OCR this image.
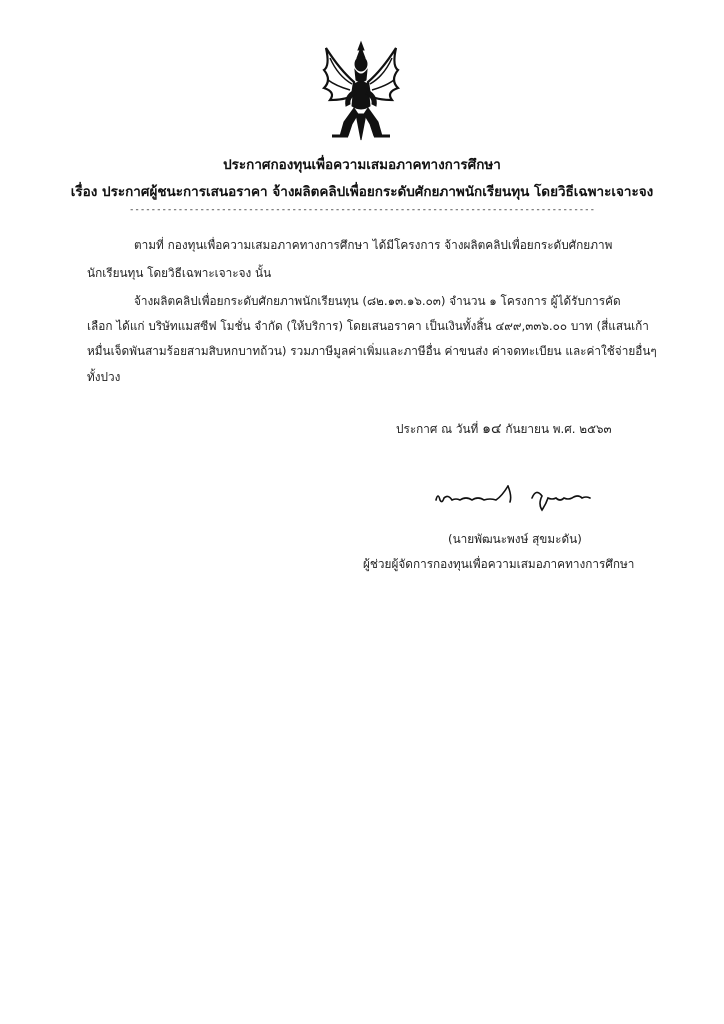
ประกาศกองทุนเพื่อความเสมอภาคทางการศึกษา
เรื่อง ประกาศผู้ชนะการเสนอราคา จ้างผลิตคลิปเพื่อยกระดับศักยภาพนักเรียนทุน โดยวิธีเฉพาะเจาะจง
--------------------------------------------------------------------------------------
ตามที่ กองทุนเพื่อความเสมอภาคทางการศึกษา ได้มีโครงการ จ้างผลิตคลิปเพื่อยกระดับศักยภาพ
นักเรียนทุน โดยวิธีเฉพาะเจาะจง นั้น
จ้างผลิตคลิปเพื่อยกระดับศักยภาพนักเรียนทุน (๘๒.๑๓.๑๖.๐๓) จำนวน ๑ โครงการ ผู้ได้รับการคัด
เลือก ได้แก่ บริษัทแมสซีฟ โมชั่น จำกัด (ให้บริการ) โดยเสนอราคา เป็นเงินทั้งสิ้น ๔๙๙,๓๓๖.๐๐ บาท (สี่แสนเก้า
หมื่นเจ็ดพันสามร้อยสามสิบหกบาทถ้วน) รวมภาษีมูลค่าเพิ่มและภาษีอื่น ค่าขนส่ง ค่าจดทะเบียน และค่าใช้จ่ายอื่นๆ
ทั้งปวง
ประกาศ ณ วันที่ ๑๔ กันยายน พ.ศ. ๒๕๖๓
(นายพัฒนะพงษ์ สุขมะดัน)
ผู้ช่วยผู้จัดการกองทุนเพื่อความเสมอภาคทางการศึกษา
